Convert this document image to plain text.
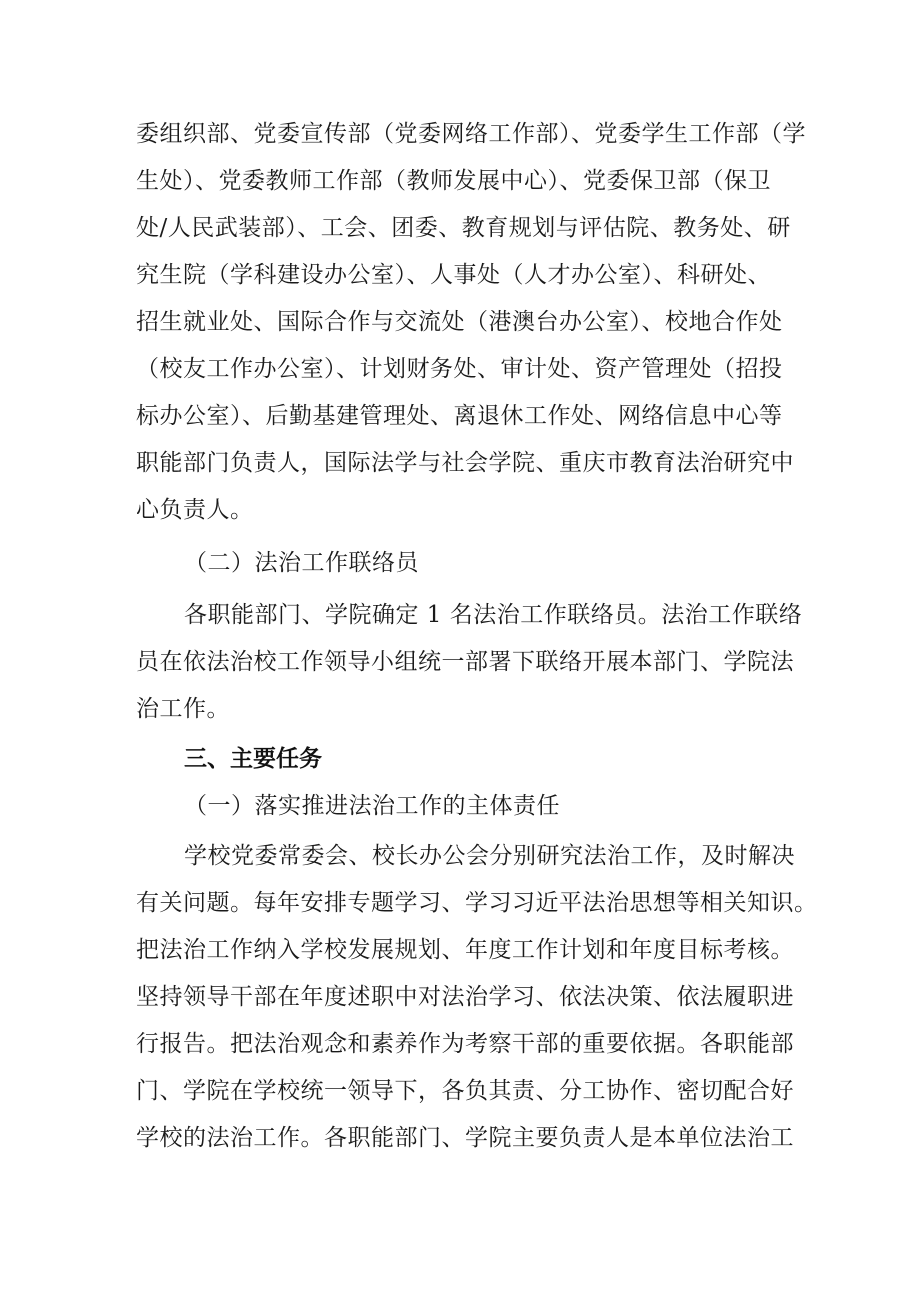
委组织部、党委宣传部（党委网络工作部）、党委学生工作部（学
生处）、党委教师工作部（教师发展中心）、党委保卫部（保卫
处/人民武装部）、工会、团委、教育规划与评估院、教务处、研
究生院（学科建设办公室）、人事处（人才办公室）、科研处、
招生就业处、国际合作与交流处（港澳台办公室）、校地合作处
（校友工作办公室）、计划财务处、审计处、资产管理处（招投
标办公室）、后勤基建管理处、离退休工作处、网络信息中心等
职能部门负责人，国际法学与社会学院、重庆市教育法治研究中
心负责人。
（二）法治工作联络员
各职能部门、学院确定 1 名法治工作联络员。法治工作联络
员在依法治校工作领导小组统一部署下联络开展本部门、学院法
治工作。
三、主要任务
（一）落实推进法治工作的主体责任
学校党委常委会、校长办公会分别研究法治工作，及时解决
有关问题。每年安排专题学习、学习习近平法治思想等相关知识。
把法治工作纳入学校发展规划、年度工作计划和年度目标考核。
坚持领导干部在年度述职中对法治学习、依法决策、依法履职进
行报告。把法治观念和素养作为考察干部的重要依据。各职能部
门、学院在学校统一领导下，各负其责、分工协作、密切配合好
学校的法治工作。各职能部门、学院主要负责人是本单位法治工
